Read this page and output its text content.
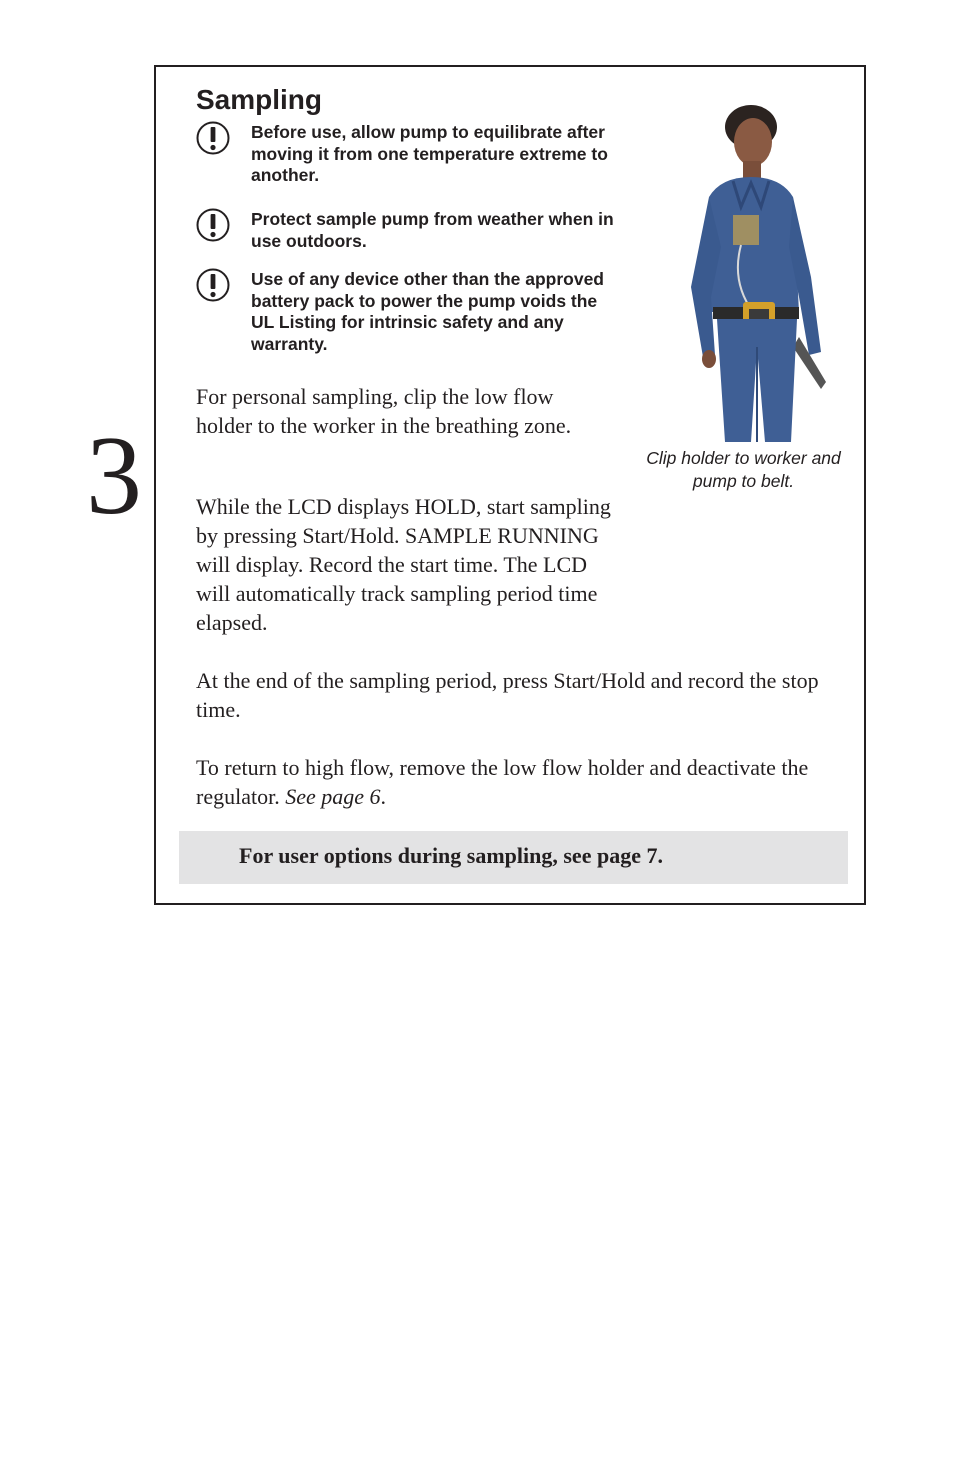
3
Sampling
Before use, allow pump to equilibrate after moving it from one temperature extreme to another.
Protect sample pump from weather when in use outdoors.
Use of any device other than the approved battery pack to power the pump voids the UL Listing for intrinsic safety and any warranty.

For personal sampling, clip the low flow holder to the worker in the breathing zone.

While the LCD displays HOLD, start sampling by pressing Start/Hold. SAMPLE RUNNING will display. Record the start time. The LCD will automatically track sampling period time elapsed.

At the end of the sampling period, press Start/Hold and record the stop time.

To return to high flow, remove the low flow holder and deactivate the regulator. See page 6.

Clip holder to worker and pump to belt.

For user options during sampling, see page 7.
